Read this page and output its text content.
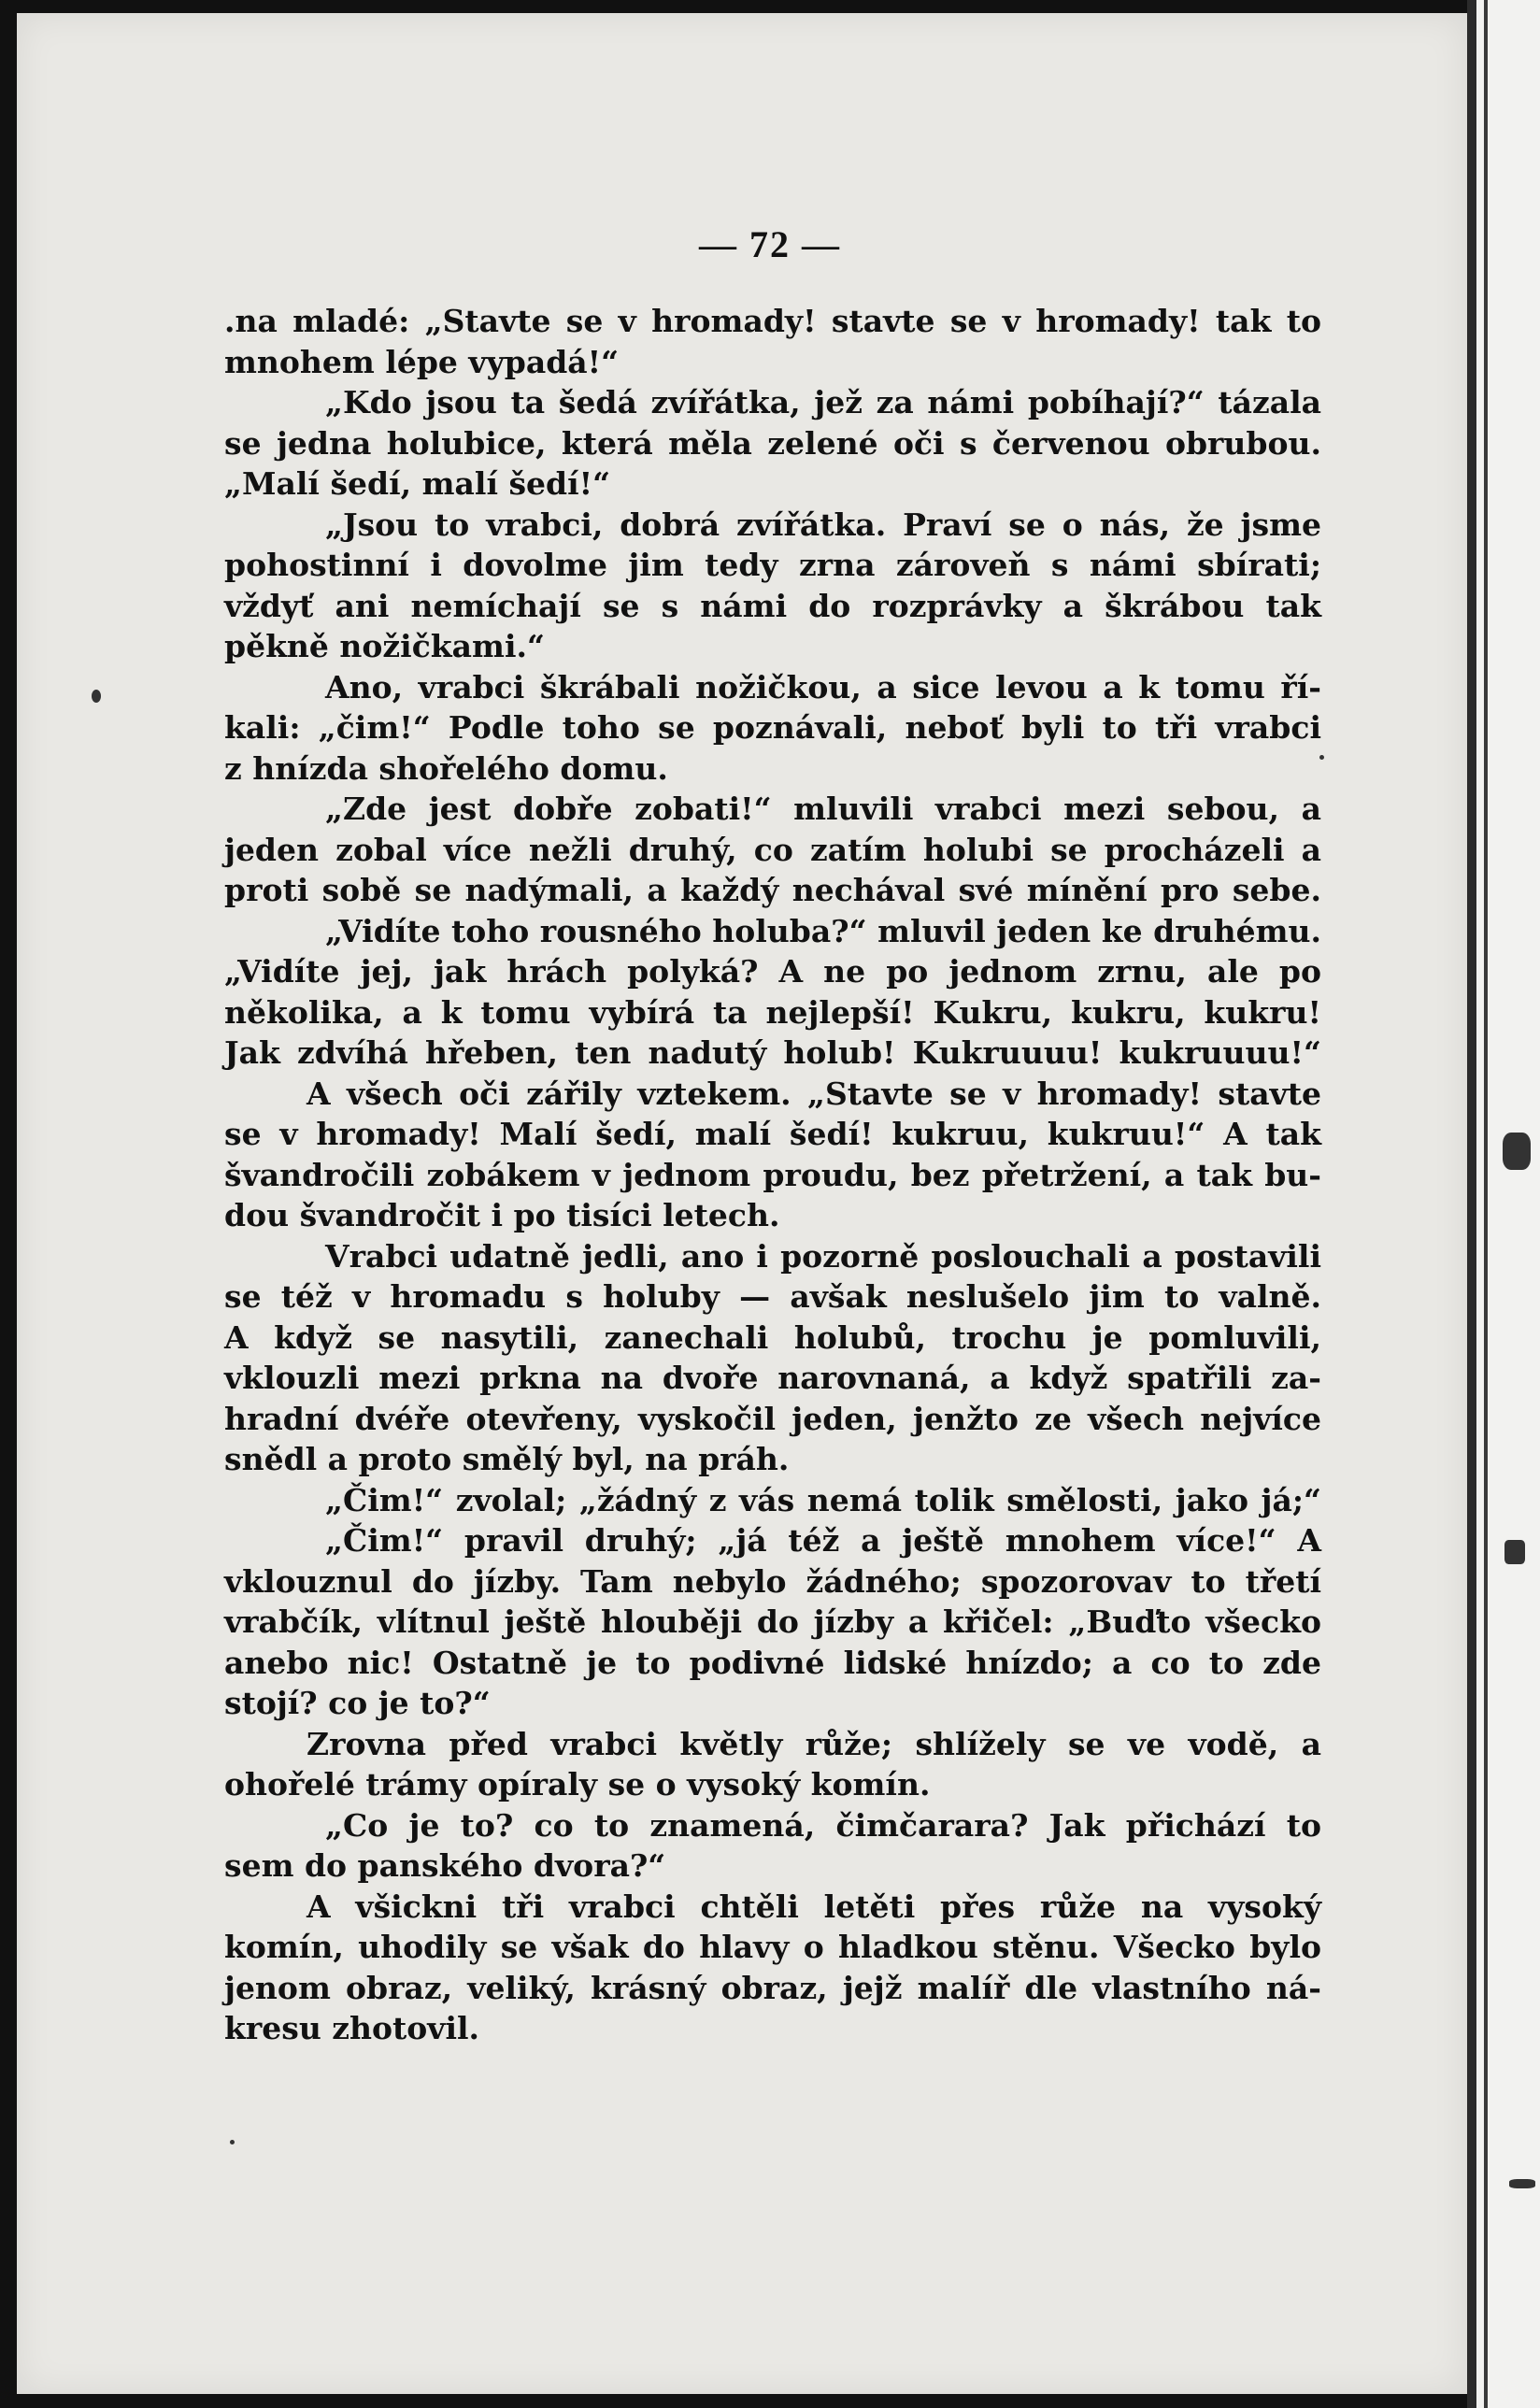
— 72 —
.na mladé: „Stavte se v hromady! stavte se v hromady! tak to
mnohem lépe vypadá!“
„Kdo jsou ta šedá zvířátka, jež za námi pobíhají?“ tázala
se jedna holubice, která měla zelené oči s červenou obrubou.
„Malí šedí, malí šedí!“
„Jsou to vrabci, dobrá zvířátka. Praví se o nás, že jsme
pohostinní i dovolme jim tedy zrna zároveň s námi sbírati;
vždyť ani nemíchají se s námi do rozprávky a škrábou tak
pěkně nožičkami.“
Ano, vrabci škrábali nožičkou, a sice levou a k tomu ří-
kali: „čim!“ Podle toho se poznávali, neboť byli to tři vrabci
z hnízda shořelého domu.
„Zde jest dobře zobati!“ mluvili vrabci mezi sebou, a
jeden zobal více nežli druhý, co zatím holubi se procházeli a
proti sobě se nadýmali, a každý nechával své mínění pro sebe.
„Vidíte toho rousného holuba?“ mluvil jeden ke druhému.
„Vidíte jej, jak hrách polyká? A ne po jednom zrnu, ale po
několika, a k tomu vybírá ta nejlepší! Kukru, kukru, kukru!
Jak zdvíhá hřeben, ten nadutý holub! Kukruuuu! kukruuuu!“
A všech oči zářily vztekem. „Stavte se v hromady! stavte
se v hromady! Malí šedí, malí šedí! kukruu, kukruu!“ A tak
švandročili zobákem v jednom proudu, bez přetržení, a tak bu-
dou švandročit i po tisíci letech.
Vrabci udatně jedli, ano i pozorně poslouchali a postavili
se též v hromadu s holuby — avšak neslušelo jim to valně.
A když se nasytili, zanechali holubů, trochu je pomluvili,
vklouzli mezi prkna na dvoře narovnaná, a když spatřili za-
hradní dvéře otevřeny, vyskočil jeden, jenžto ze všech nejvíce
snědl a proto smělý byl, na práh.
„Čim!“ zvolal; „žádný z vás nemá tolik smělosti, jako já;“
„Čim!“ pravil druhý; „já též a ještě mnohem více!“ A
vklouznul do jízby. Tam nebylo žádného; spozorovav to třetí
vrabčík, vlítnul ještě hlouběji do jízby a křičel: „Buďto všecko
anebo nic! Ostatně je to podivné lidské hnízdo; a co to zde
stojí? co je to?“
Zrovna před vrabci květly růže; shlížely se ve vodě, a
ohořelé trámy opíraly se o vysoký komín.
„Co je to? co to znamená, čimčarara? Jak přichází to
sem do panského dvora?“
A všickni tři vrabci chtěli letěti přes růže na vysoký
komín, uhodily se však do hlavy o hladkou stěnu. Všecko bylo
jenom obraz, veliký, krásný obraz, jejž malíř dle vlastního ná-
kresu zhotovil.
